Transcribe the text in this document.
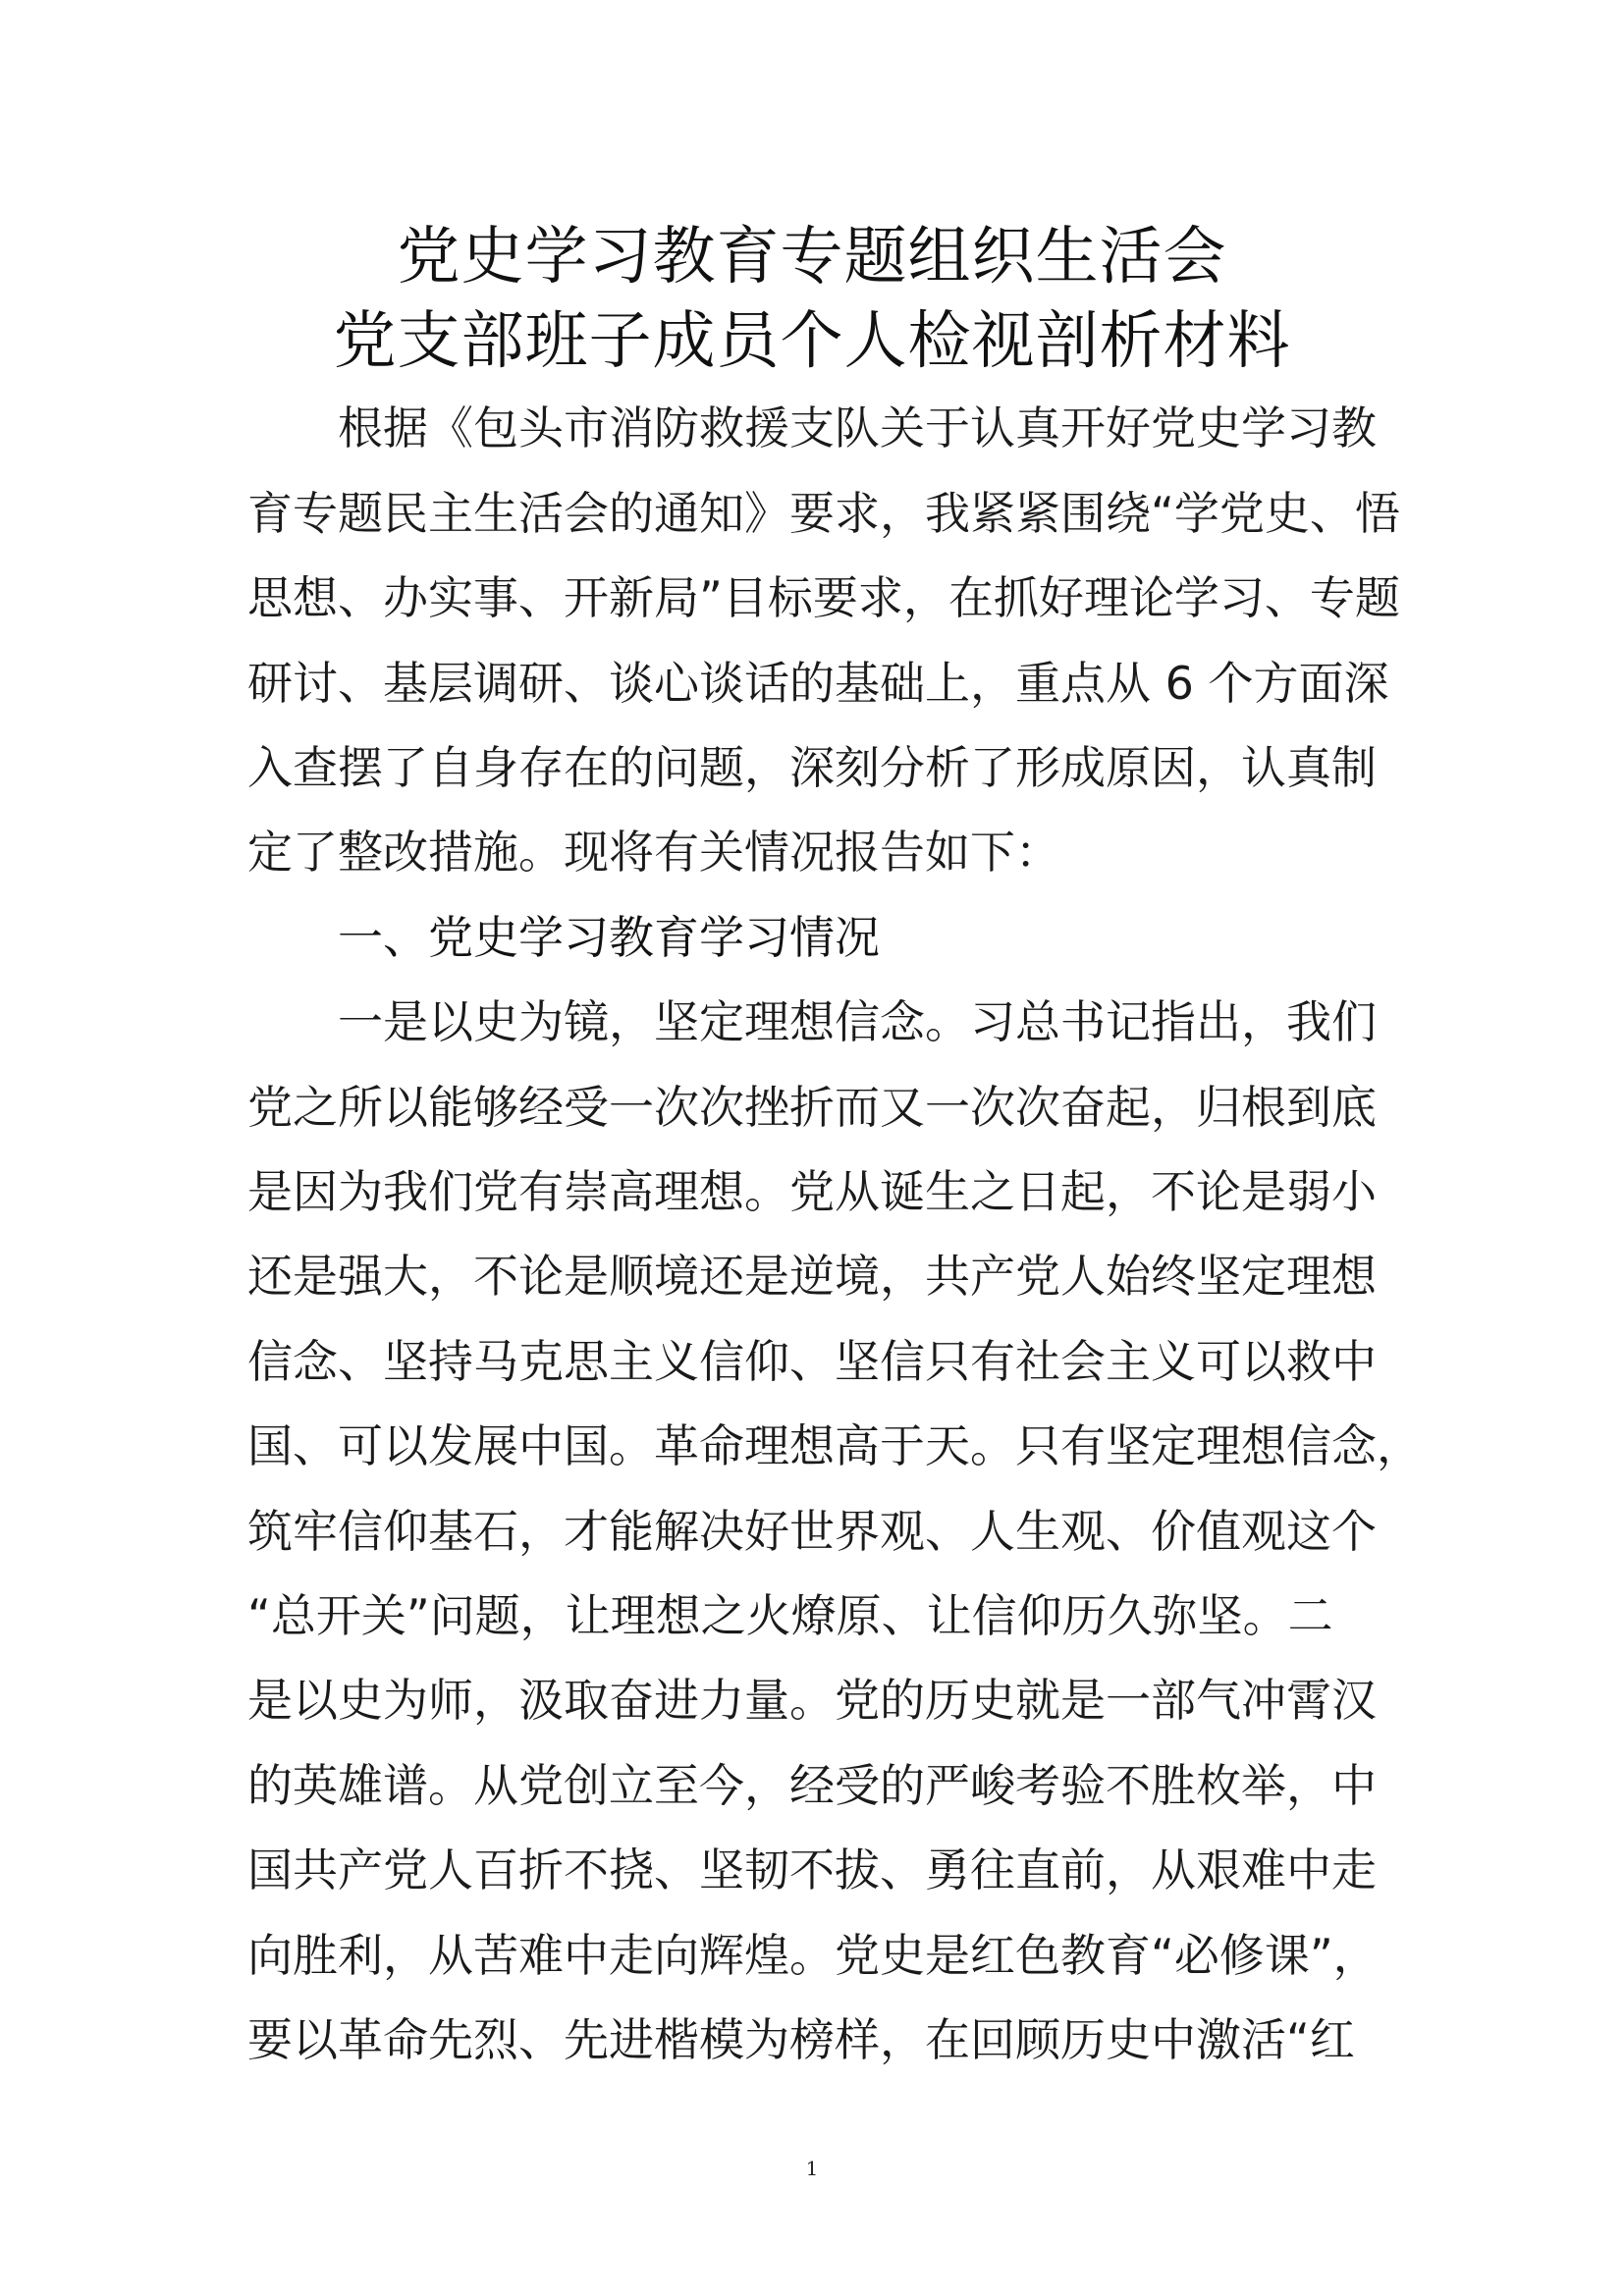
党史学习教育专题组织生活会
党支部班子成员个人检视剖析材料
　　根据《包头市消防救援支队关于认真开好党史学习教
育专题民主生活会的通知》要求，我紧紧围绕“学党史、悟
思想、办实事、开新局”目标要求，在抓好理论学习、专题
研讨、基层调研、谈心谈话的基础上，重点从 6 个方面深
入查摆了自身存在的问题，深刻分析了形成原因，认真制
定了整改措施。现将有关情况报告如下：
　　一、党史学习教育学习情况
　　一是以史为镜，坚定理想信念。习总书记指出，我们
党之所以能够经受一次次挫折而又一次次奋起，归根到底
是因为我们党有崇高理想。党从诞生之日起，不论是弱小
还是强大，不论是顺境还是逆境，共产党人始终坚定理想
信念、坚持马克思主义信仰、坚信只有社会主义可以救中
国、可以发展中国。革命理想高于天。只有坚定理想信念，
筑牢信仰基石，才能解决好世界观、人生观、价值观这个
“总开关”问题，让理想之火燎原、让信仰历久弥坚。二
是以史为师，汲取奋进力量。党的历史就是一部气冲霄汉
的英雄谱。从党创立至今，经受的严峻考验不胜枚举，中
国共产党人百折不挠、坚韧不拔、勇往直前，从艰难中走
向胜利，从苦难中走向辉煌。党史是红色教育“必修课”，
要以革命先烈、先进楷模为榜样，在回顾历史中激活“红
1
